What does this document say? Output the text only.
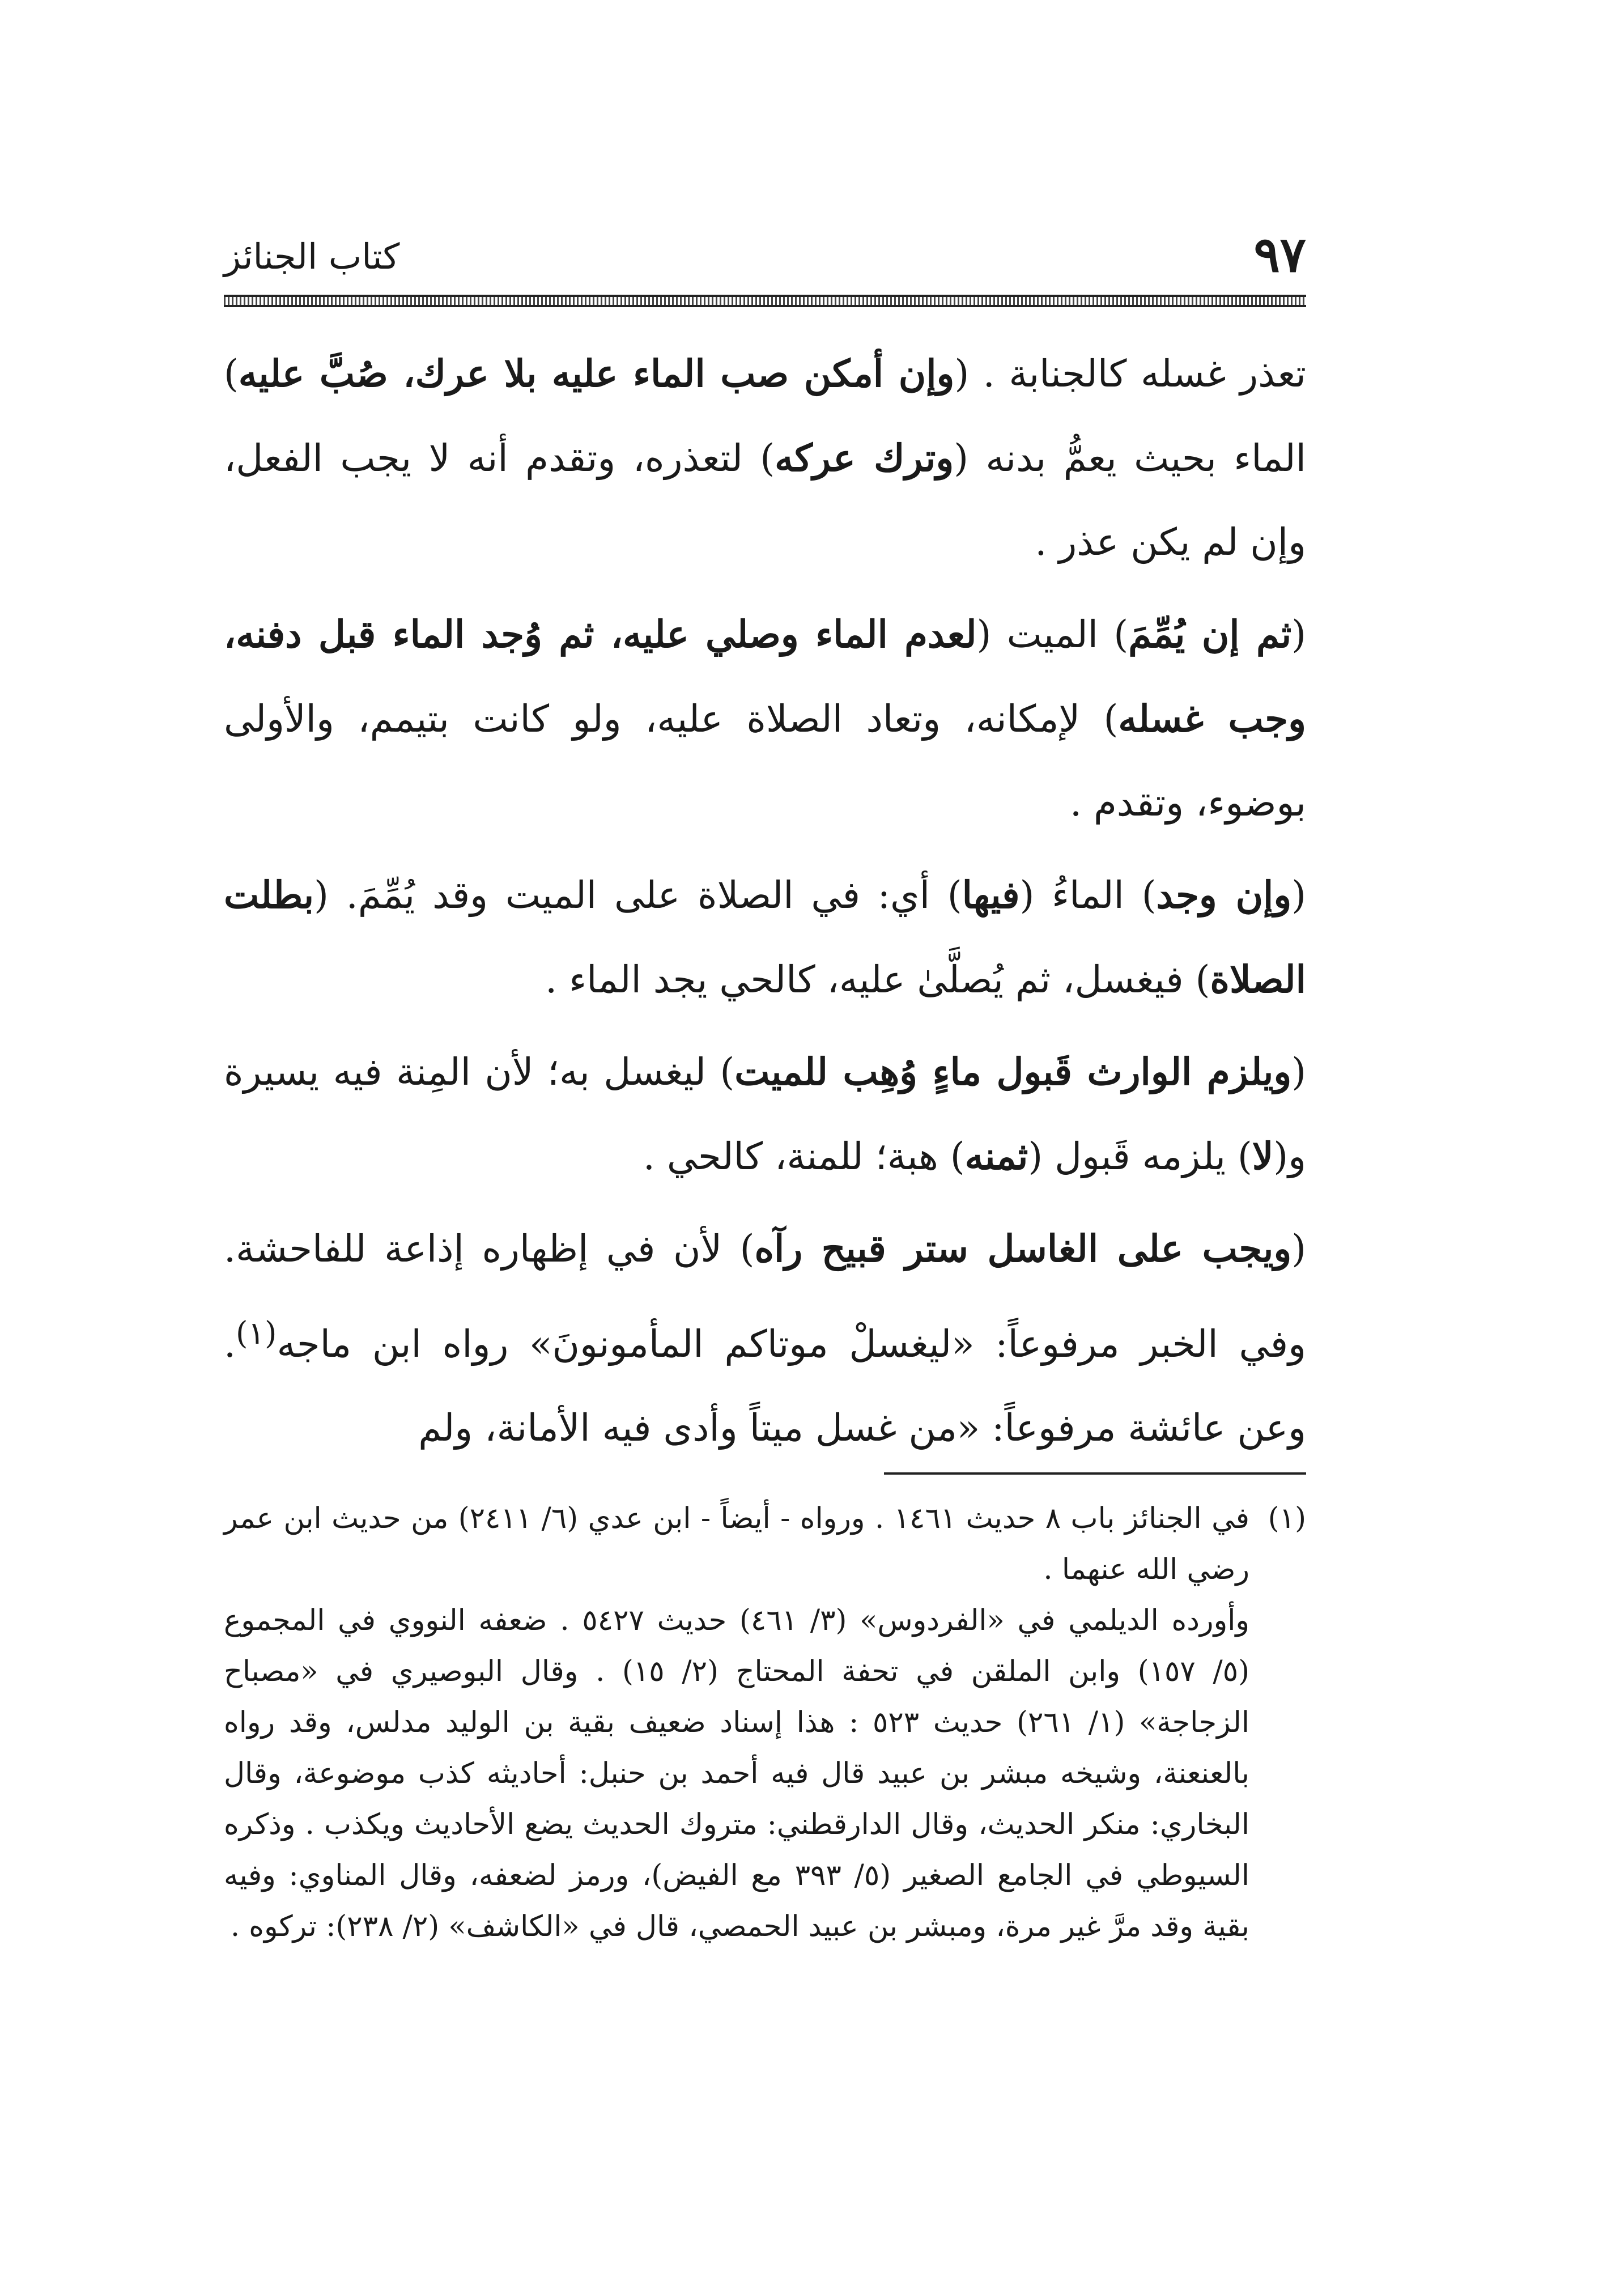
٩٧
كتاب الجنائز

تعذر غسله كالجنابة . (وإن أمكن صب الماء عليه بلا عرك، صُبَّ عليه) الماء بحيث يعمُّ بدنه (وترك عركه) لتعذره، وتقدم أنه لا يجب الفعل، وإن لم يكن عذر .

(ثم إن يُمِّمَ) الميت (لعدم الماء وصلي عليه، ثم وُجد الماء قبل دفنه، وجب غسله) لإمكانه، وتعاد الصلاة عليه، ولو كانت بتيمم، والأولى بوضوء، وتقدم .

(وإن وجد) الماءُ (فيها) أي: في الصلاة على الميت وقد يُمِّمَ. (بطلت الصلاة) فيغسل، ثم يُصلَّىٰ عليه، كالحي يجد الماء .

(ويلزم الوارث قَبول ماءٍ وُهِب للميت) ليغسل به؛ لأن المِنة فيه يسيرة و(لا) يلزمه قَبول (ثمنه) هبة؛ للمنة، كالحي .

(ويجب على الغاسل ستر قبيح رآه) لأن في إظهاره إذاعة للفاحشة. وفي الخبر مرفوعاً: «ليغسلْ موتاكم المأمونونَ» رواه ابن ماجه$^{(١)}$. وعن عائشة مرفوعاً: «من غسل ميتاً وأدى فيه الأمانة، ولم

(١)

في الجنائز باب ٨ حديث ١٤٦١ . ورواه - أيضاً - ابن عدي (٦/ ٢٤١١) من حديث ابن عمر رضي الله عنهما .

وأورده الديلمي في «الفردوس» (٣/ ٤٦١) حديث ٥٤٢٧ . ضعفه النووي في المجموع (٥/ ١٥٧) وابن الملقن في تحفة المحتاج (٢/ ١٥) . وقال البوصيري في «مصباح الزجاجة» (١/ ٢٦١) حديث ٥٢٣ : هذا إسناد ضعيف بقية بن الوليد مدلس، وقد رواه بالعنعنة، وشيخه مبشر بن عبيد قال فيه أحمد بن حنبل: أحاديثه كذب موضوعة، وقال البخاري: منكر الحديث، وقال الدارقطني: متروك الحديث يضع الأحاديث ويكذب . وذكره السيوطي في الجامع الصغير (٥/ ٣٩٣ مع الفيض)، ورمز لضعفه، وقال المناوي: وفيه بقية وقد مرَّ غير مرة، ومبشر بن عبيد الحمصي، قال في «الكاشف» (٢/ ٢٣٨): تركوه .
